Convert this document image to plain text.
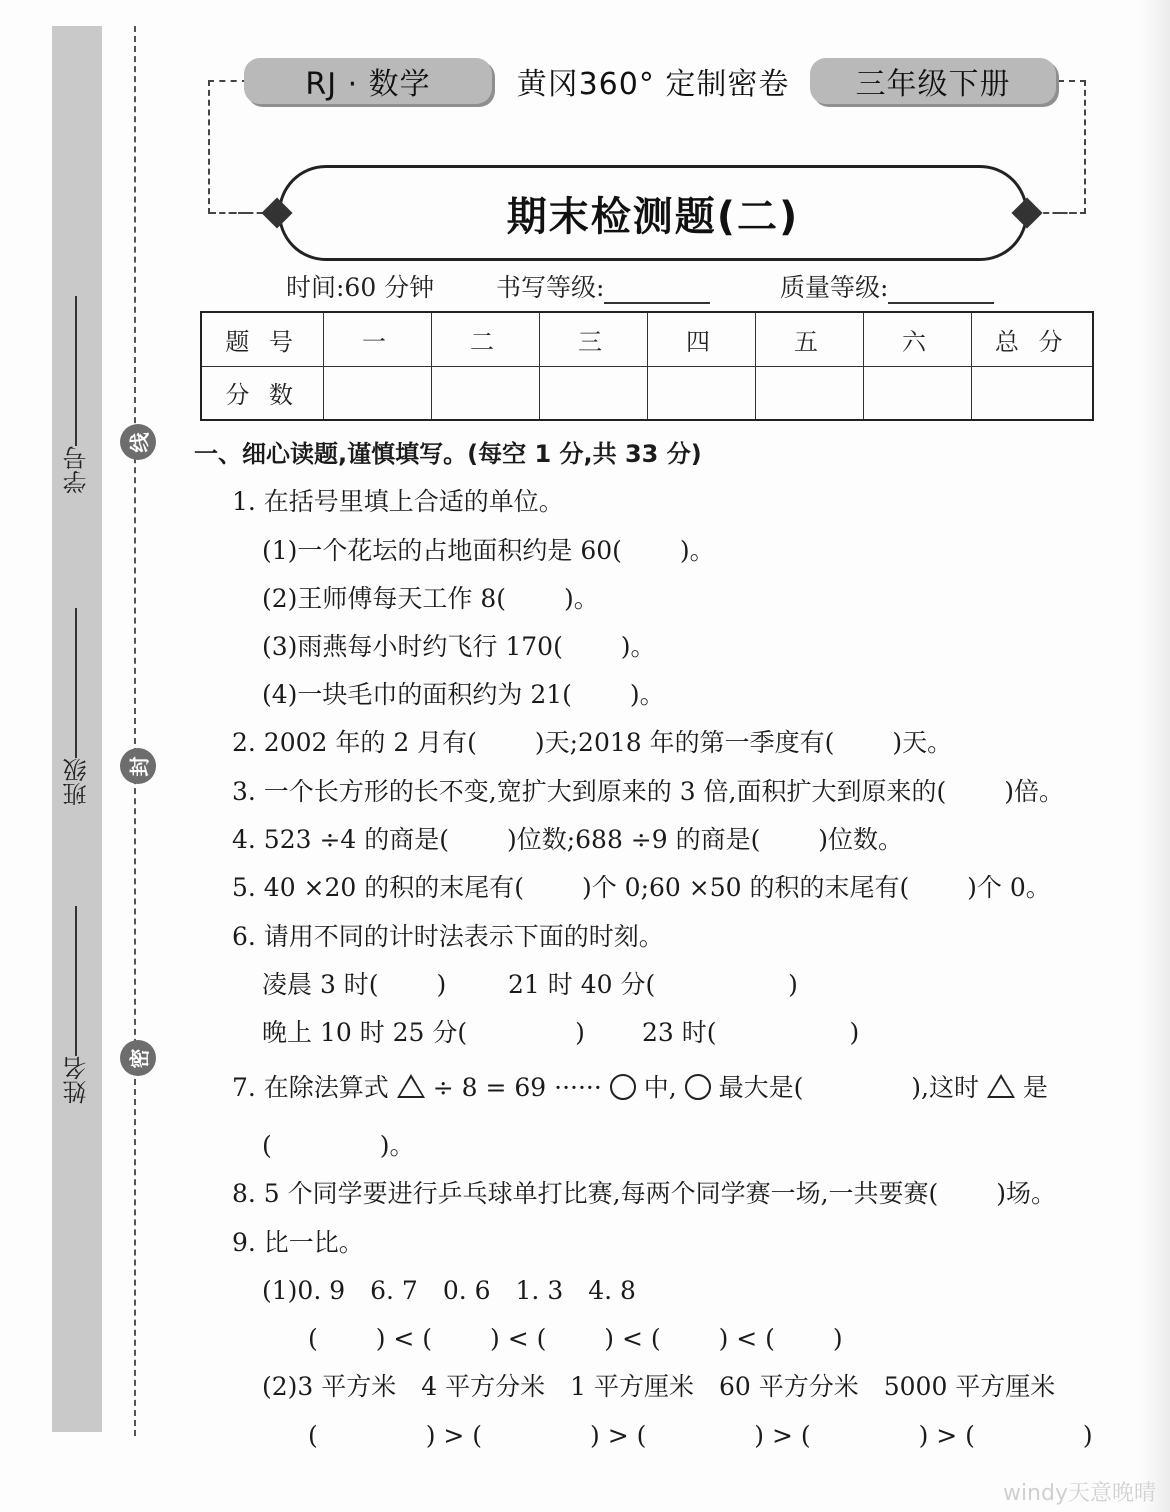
线
封
密
学号
班级
姓名
RJ · 数学	黄冈360° 定制密卷	三年级下册
期末检测题(二)
时间:60 分钟 书写等级:	质量等级:
题 号	一	二	三	四	五	六	总 分
分 数							
一、细心读题,谨慎填写。(每空 1 分,共 33 分)
1. 在括号里填上合适的单位。
(1)一个花坛的占地面积约是 60(　　 )。
(2)王师傅每天工作 8(　　 )。
(3)雨燕每小时约飞行 170(　　 )。
(4)一块毛巾的面积约为 21(　　 )。
2. 2002 年的 2 月有(　　 )天;2018 年的第一季度有(　　 )天。
3. 一个长方形的长不变,宽扩大到原来的 3 倍,面积扩大到原来的(　　 )倍。
4. 523 ÷4 的商是(　　 )位数;688 ÷9 的商是(　　 )位数。
5. 40 ×20 的积的末尾有(　　 )个 0;60 ×50 的积的末尾有(　　 )个 0。
6. 请用不同的计时法表示下面的时刻。
凌晨 3 时(　　 ) 21 时 40 分(　　　　　 )
晚上 10 时 25 分(　　　　 ) 23 时(　　　　　 )
7. 在除法算式 ÷ 8 = 69 ······ 中, 最大是(　　　　 ),这时 是
(　　　　 )。
8. 5 个同学要进行乒乓球单打比赛,每两个同学赛一场,一共要赛(　　 )场。
9. 比一比。
(1)0. 9　6. 7　0. 6　1. 3　4. 8
(　　 ) < (　　 ) < (　　 ) < (　　 ) < (　　 )
(2)3 平方米　4 平方分米　1 平方厘米　60 平方分米　5000 平方厘米
(　　　　 ) > (　　　　 ) > (　　　　 ) > (　　　　 ) > (　　　　 )
windy天意晚晴
